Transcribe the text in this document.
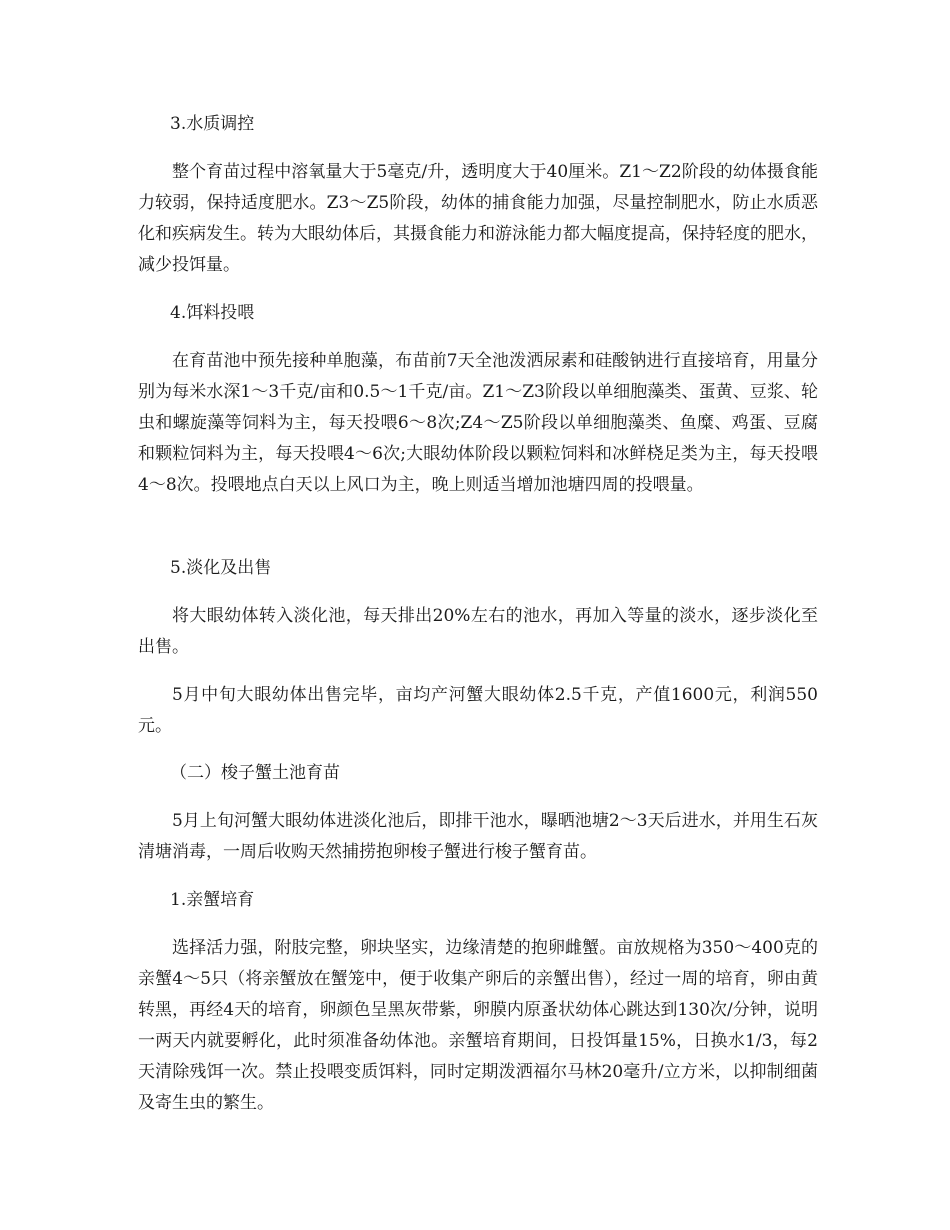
3.水质调控

整个育苗过程中溶氧量大于5毫克/升，透明度大于40厘米。Z1～Z2阶段的幼体摄食能力较弱，保持适度肥水。Z3～Z5阶段，幼体的捕食能力加强，尽量控制肥水，防止水质恶化和疾病发生。转为大眼幼体后，其摄食能力和游泳能力都大幅度提高，保持轻度的肥水，减少投饵量。

4.饵料投喂

在育苗池中预先接种单胞藻，布苗前7天全池泼洒尿素和硅酸钠进行直接培育，用量分别为每米水深1～3千克/亩和0.5～1千克/亩。Z1～Z3阶段以单细胞藻类、蛋黄、豆浆、轮虫和螺旋藻等饲料为主，每天投喂6～8次;Z4～Z5阶段以单细胞藻类、鱼糜、鸡蛋、豆腐和颗粒饲料为主，每天投喂4～6次;大眼幼体阶段以颗粒饲料和冰鲜桡足类为主，每天投喂4～8次。投喂地点白天以上风口为主，晚上则适当增加池塘四周的投喂量。

5.淡化及出售

将大眼幼体转入淡化池，每天排出20%左右的池水，再加入等量的淡水，逐步淡化至出售。

5月中旬大眼幼体出售完毕，亩均产河蟹大眼幼体2.5千克，产值1600元，利润550元。

（二）梭子蟹土池育苗

5月上旬河蟹大眼幼体进淡化池后，即排干池水，曝晒池塘2～3天后进水，并用生石灰清塘消毒，一周后收购天然捕捞抱卵梭子蟹进行梭子蟹育苗。

1.亲蟹培育

选择活力强，附肢完整，卵块坚实，边缘清楚的抱卵雌蟹。亩放规格为350～400克的亲蟹4～5只（将亲蟹放在蟹笼中，便于收集产卵后的亲蟹出售），经过一周的培育，卵由黄转黑，再经4天的培育，卵颜色呈黑灰带紫，卵膜内原蚤状幼体心跳达到130次/分钟，说明一两天内就要孵化，此时须准备幼体池。亲蟹培育期间，日投饵量15%，日换水1/3，每2天清除残饵一次。禁止投喂变质饵料，同时定期泼洒福尔马林20毫升/立方米，以抑制细菌及寄生虫的繁生。
